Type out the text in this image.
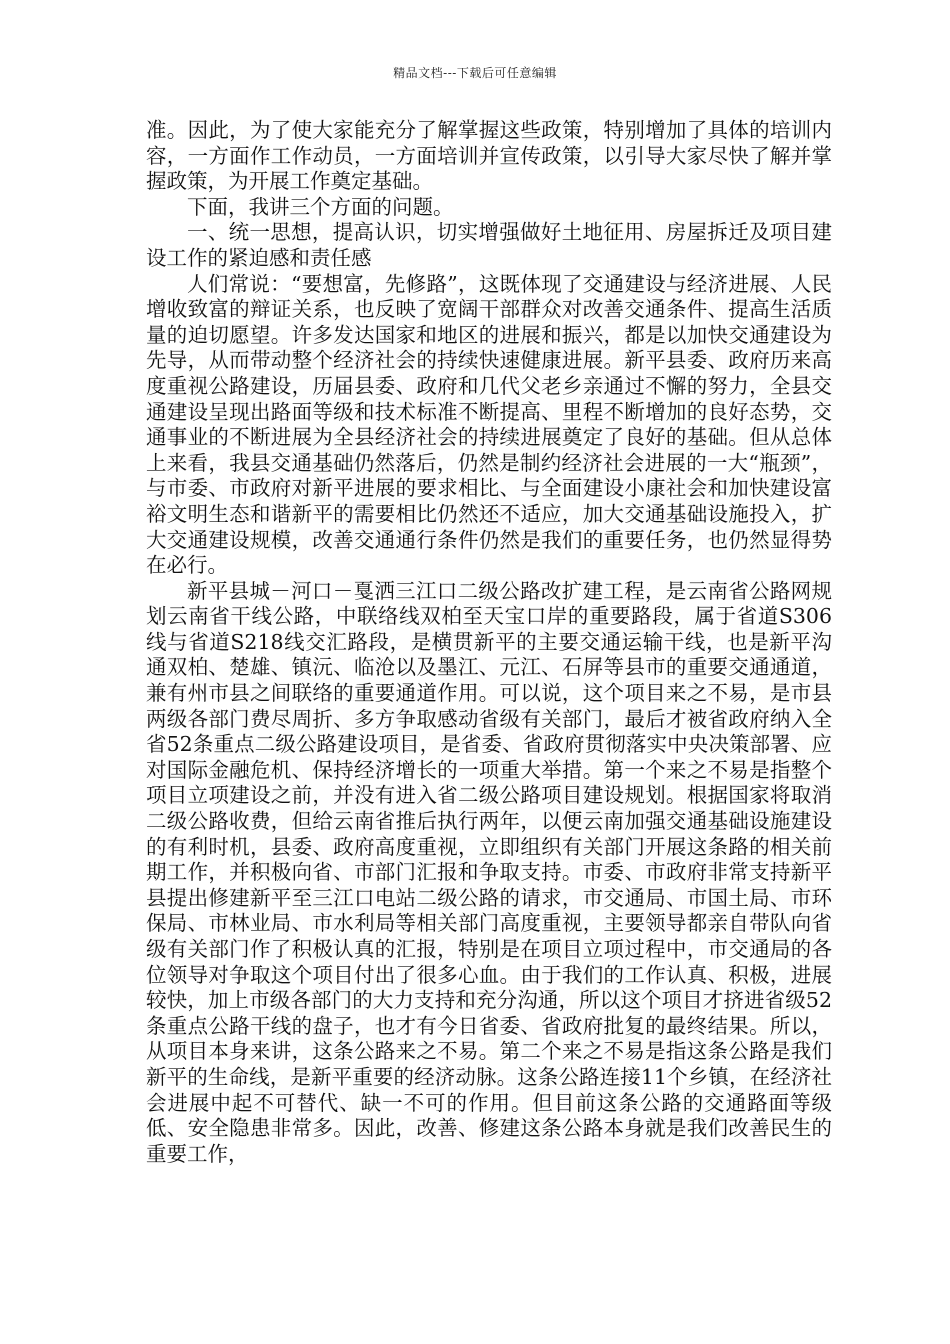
精品文档---下载后可任意编辑

准。因此，为了使大家能充分了解掌握这些政策，特别增加了具体的培训内容，一方面作工作动员，一方面培训并宣传政策，以引导大家尽快了解并掌握政策，为开展工作奠定基础。

下面，我讲三个方面的问题。

一、统一思想，提高认识，切实增强做好土地征用、房屋拆迁及项目建设工作的紧迫感和责任感

人们常说：“要想富，先修路”，这既体现了交通建设与经济进展、人民增收致富的辩证关系，也反映了宽阔干部群众对改善交通条件、提高生活质量的迫切愿望。许多发达国家和地区的进展和振兴，都是以加快交通建设为先导，从而带动整个经济社会的持续快速健康进展。新平县委、政府历来高度重视公路建设，历届县委、政府和几代父老乡亲通过不懈的努力，全县交通建设呈现出路面等级和技术标准不断提高、里程不断增加的良好态势，交通事业的不断进展为全县经济社会的持续进展奠定了良好的基础。但从总体上来看，我县交通基础仍然落后，仍然是制约经济社会进展的一大“瓶颈”，与市委、市政府对新平进展的要求相比、与全面建设小康社会和加快建设富裕文明生态和谐新平的需要相比仍然还不适应，加大交通基础设施投入，扩大交通建设规模，改善交通通行条件仍然是我们的重要任务，也仍然显得势在必行。

新平县城－河口－戛洒三江口二级公路改扩建工程，是云南省公路网规划云南省干线公路，中联络线双柏至天宝口岸的重要路段，属于省道S306线与省道S218线交汇路段，是横贯新平的主要交通运输干线，也是新平沟通双柏、楚雄、镇沅、临沧以及墨江、元江、石屏等县市的重要交通通道，兼有州市县之间联络的重要通道作用。可以说，这个项目来之不易，是市县两级各部门费尽周折、多方争取感动省级有关部门，最后才被省政府纳入全省52条重点二级公路建设项目，是省委、省政府贯彻落实中央决策部署、应对国际金融危机、保持经济增长的一项重大举措。第一个来之不易是指整个项目立项建设之前，并没有进入省二级公路项目建设规划。根据国家将取消二级公路收费，但给云南省推后执行两年，以便云南加强交通基础设施建设的有利时机，县委、政府高度重视，立即组织有关部门开展这条路的相关前期工作，并积极向省、市部门汇报和争取支持。市委、市政府非常支持新平县提出修建新平至三江口电站二级公路的请求，市交通局、市国土局、市环保局、市林业局、市水利局等相关部门高度重视，主要领导都亲自带队向省级有关部门作了积极认真的汇报，特别是在项目立项过程中，市交通局的各位领导对争取这个项目付出了很多心血。由于我们的工作认真、积极，进展较快，加上市级各部门的大力支持和充分沟通，所以这个项目才挤进省级52条重点公路干线的盘子，也才有今日省委、省政府批复的最终结果。所以，从项目本身来讲，这条公路来之不易。第二个来之不易是指这条公路是我们新平的生命线，是新平重要的经济动脉。这条公路连接11个乡镇，在经济社会进展中起不可替代、缺一不可的作用。但目前这条公路的交通路面等级低、安全隐患非常多。因此，改善、修建这条公路本身就是我们改善民生的重要工作，
